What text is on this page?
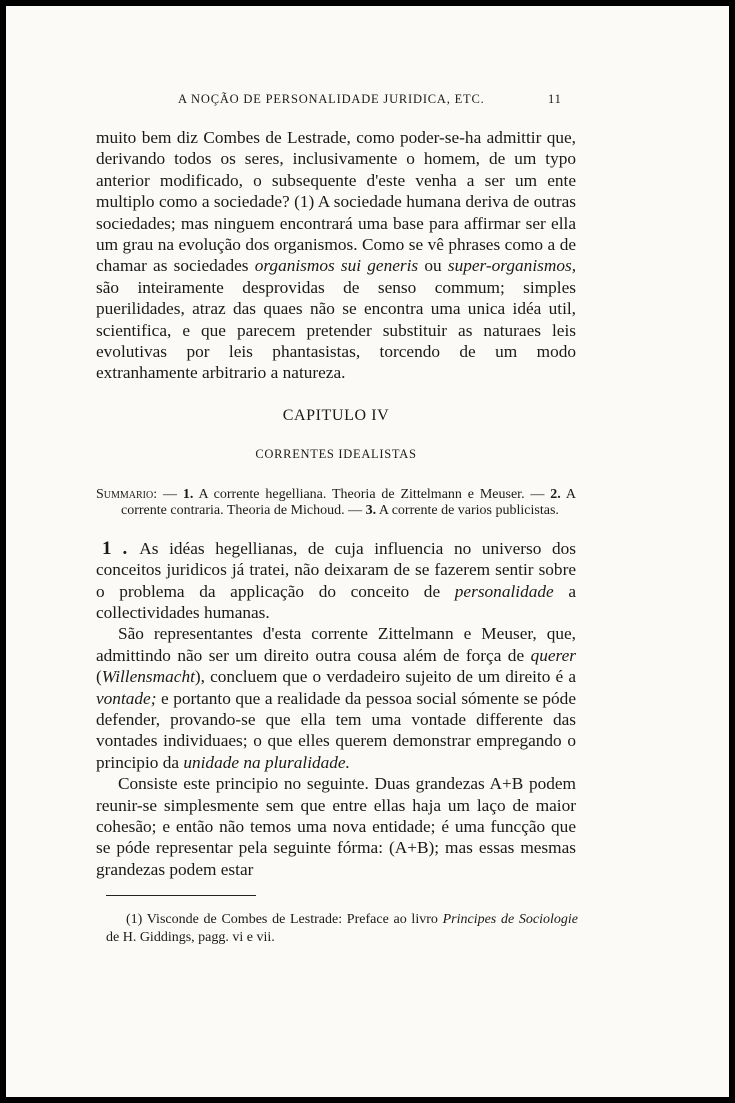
A NOÇÃO DE PERSONALIDADE JURIDICA, ETC.	11

muito bem diz Combes de Lestrade, como poder-se-ha admittir que, derivando todos os seres, inclusivamente o homem, de um typo anterior modificado, o subsequente d'este venha a ser um ente multiplo como a sociedade? (1) A sociedade humana deriva de outras sociedades; mas ninguem encontrará uma base para affirmar ser ella um grau na evolução dos organismos. Como se vê phrases como a de chamar as sociedades organismos sui generis ou super-organismos, são inteiramente desprovidas de senso commum; simples puerilidades, atraz das quaes não se encontra uma unica idéa util, scientifica, e que parecem pretender substituir as naturaes leis evolutivas por leis phantasistas, torcendo de um modo extranhamente arbitrario a natureza.

CAPITULO IV

CORRENTES IDEALISTAS

Summario: — 1. A corrente hegelliana. Theoria de Zittelmann e Meuser. — 2. A corrente contraria. Theoria de Michoud. — 3. A corrente de varios publicistas.

1 . As idéas hegellianas, de cuja influencia no universo dos conceitos juridicos já tratei, não deixaram de se fazerem sentir sobre o problema da applicação do conceito de personalidade a collectividades humanas.

São representantes d'esta corrente Zittelmann e Meuser, que, admittindo não ser um direito outra cousa além de força de querer (Willensmacht), concluem que o verdadeiro sujeito de um direito é a vontade; e portanto que a realidade da pessoa social sómente se póde defender, provando-se que ella tem uma vontade differente das vontades individuaes; o que elles querem demonstrar empregando o principio da unidade na pluralidade.

Consiste este principio no seguinte. Duas grandezas A+B podem reunir-se simplesmente sem que entre ellas haja um laço de maior cohesão; e então não temos uma nova entidade; é uma funcção que se póde representar pela seguinte fórma: (A+B); mas essas mesmas grandezas podem estar

(1) Visconde de Combes de Lestrade: Preface ao livro Principes de Sociologie de H. Giddings, pagg. vi e vii.
